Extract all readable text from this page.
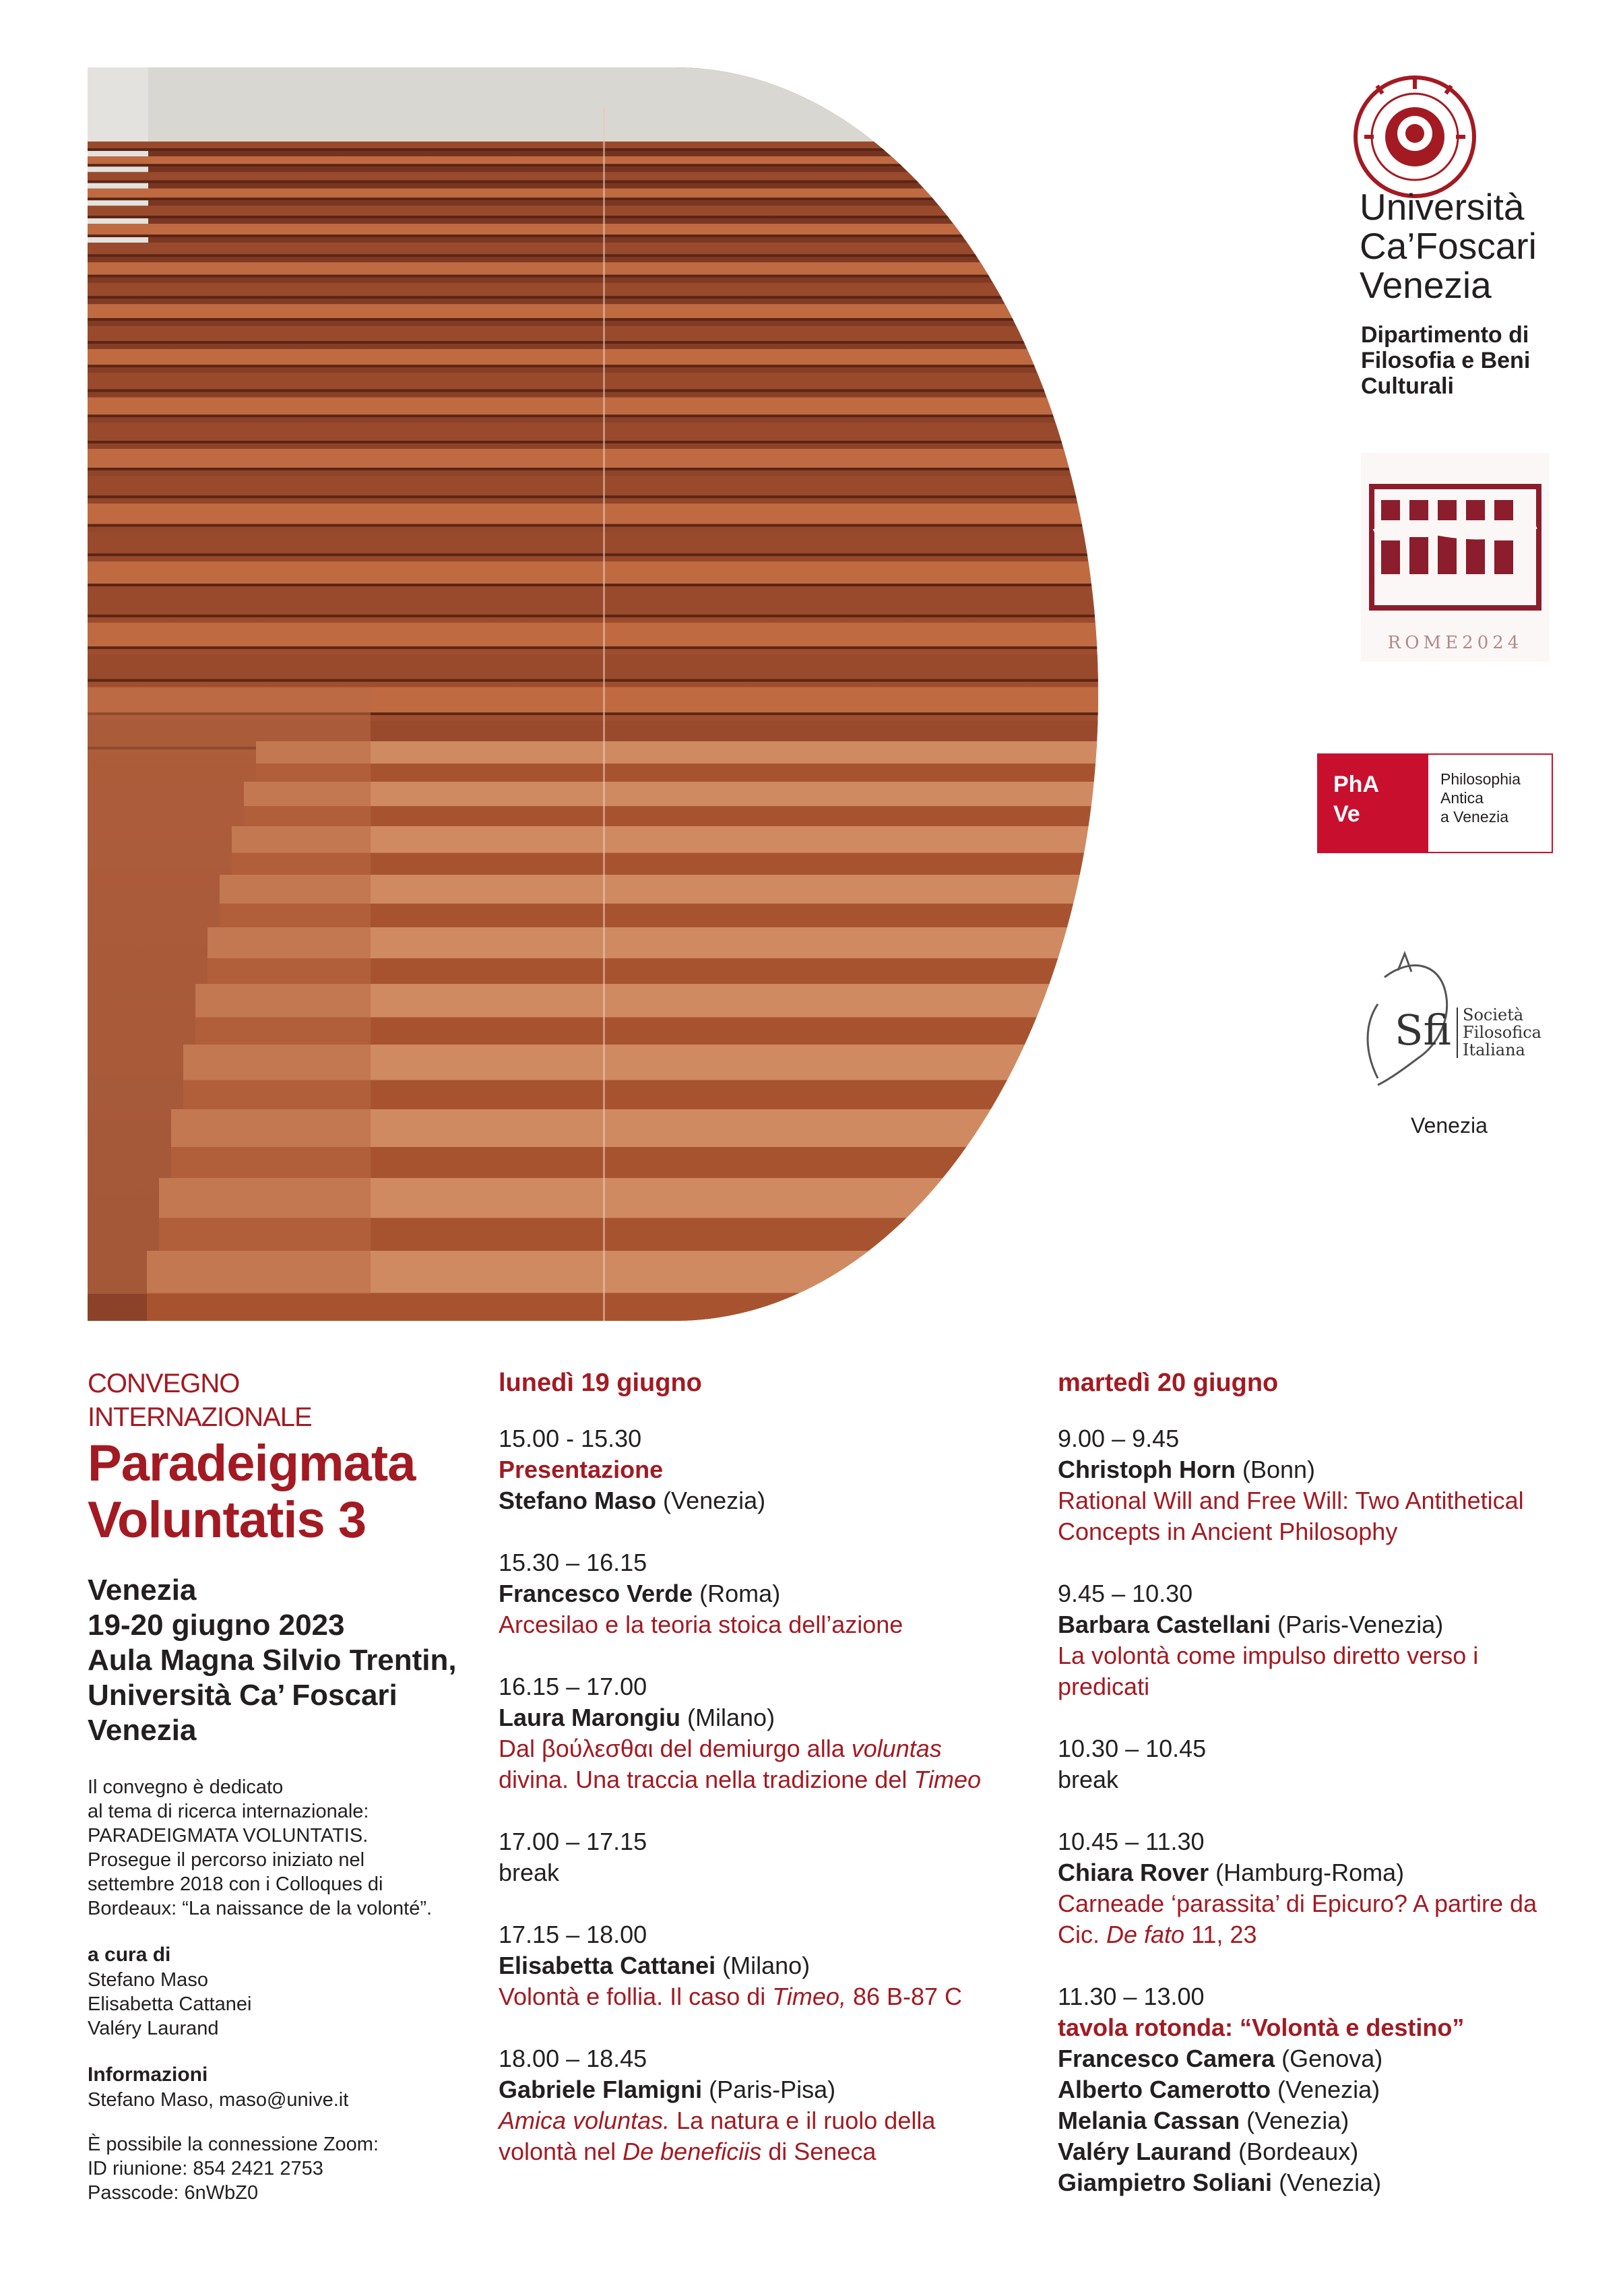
Università
Ca’Foscari
Venezia
Dipartimento di
Filosofia e Beni
Culturali
ROME2024
PhA
Ve
Philosophia
Antica
a Venezia
Sfi Società
Filosofica
Italiana
Venezia
CONVEGNO INTERNAZIONALE
Paradeigmata
Voluntatis 3
Venezia
19-20 giugno 2023
Aula Magna Silvio Trentin,
Università Ca’ Foscari
Venezia
Il convegno è dedicato
al tema di ricerca internazionale:
PARADEIGMATA VOLUNTATIS.
Prosegue il percorso iniziato nel
settembre 2018 con i Colloques di
Bordeaux: “La naissance de la volonté”.
a cura di
Stefano Maso
Elisabetta Cattanei
Valéry Laurand
Informazioni
Stefano Maso, maso@unive.it
È possibile la connessione Zoom:
ID riunione: 854 2421 2753
Passcode: 6nWbZ0
lunedì 19 giugno
15.00 - 15.30
Presentazione
Stefano Maso (Venezia)
15.30 – 16.15
Francesco Verde (Roma)
Arcesilao e la teoria stoica dell’azione
16.15 – 17.00
Laura Marongiu (Milano)
Dal βούλεσθαι del demiurgo alla voluntas
divina. Una traccia nella tradizione del Timeo
17.00 – 17.15
break
17.15 – 18.00
Elisabetta Cattanei (Milano)
Volontà e follia. Il caso di Timeo, 86 B-87 C
18.00 – 18.45
Gabriele Flamigni (Paris-Pisa)
Amica voluntas. La natura e il ruolo della
volontà nel De beneficiis di Seneca
martedì 20 giugno
9.00 – 9.45
Christoph Horn (Bonn)
Rational Will and Free Will: Two Antithetical
Concepts in Ancient Philosophy
9.45 – 10.30
Barbara Castellani (Paris-Venezia)
La volontà come impulso diretto verso i
predicati
10.30 – 10.45
break
10.45 – 11.30
Chiara Rover (Hamburg-Roma)
Carneade ‘parassita’ di Epicuro? A partire da
Cic. De fato 11, 23
11.30 – 13.00
tavola rotonda: “Volontà e destino”
Francesco Camera (Genova)
Alberto Camerotto (Venezia)
Melania Cassan (Venezia)
Valéry Laurand (Bordeaux)
Giampietro Soliani (Venezia)
